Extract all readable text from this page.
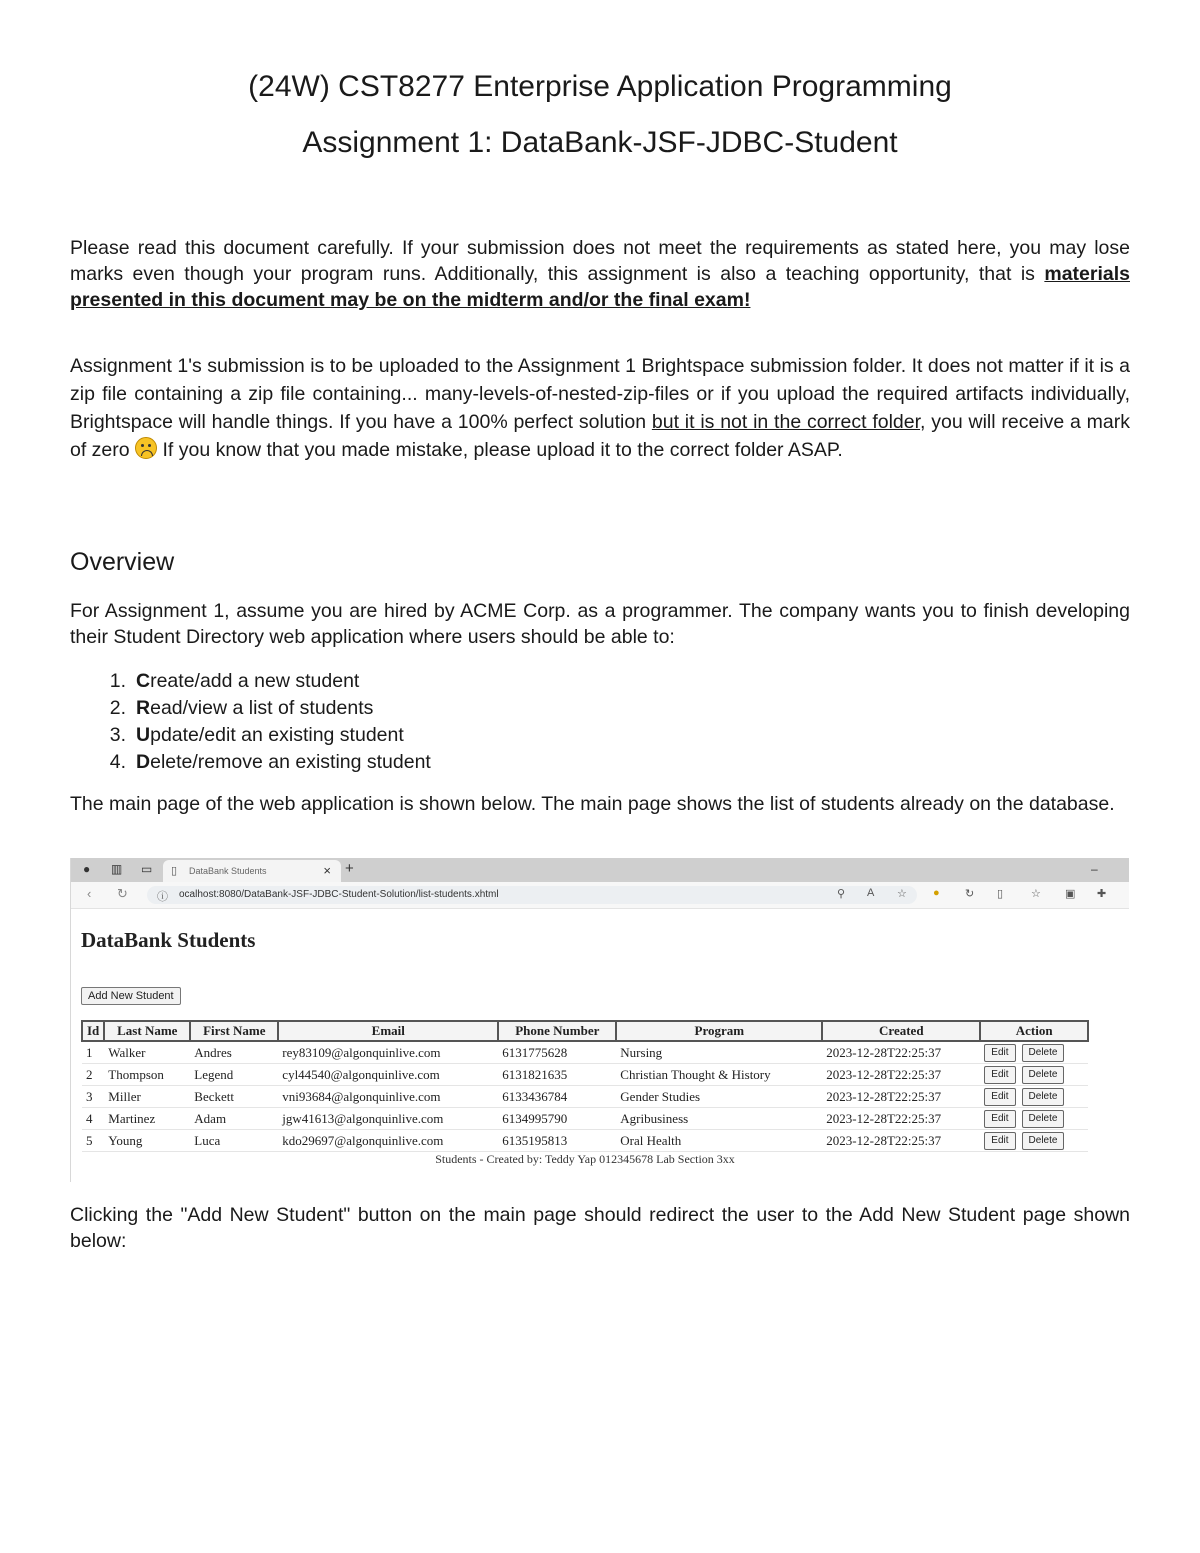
(24W) CST8277 Enterprise Application Programming
Assignment 1: DataBank-JSF-JDBC-Student
Please read this document carefully. If your submission does not meet the requirements as stated here, you may lose marks even though your program runs. Additionally, this assignment is also a teaching opportunity, that is materials presented in this document may be on the midterm and/or the final exam!
Assignment 1's submission is to be uploaded to the Assignment 1 Brightspace submission folder. It does not matter if it is a zip file containing a zip file containing... many-levels-of-nested-zip-files or if you upload the required artifacts individually, Brightspace will handle things. If you have a 100% perfect solution but it is not in the correct folder, you will receive a mark of zero
If you know that you made mistake, please upload it to the correct folder ASAP.
Overview
For Assignment 1, assume you are hired by ACME Corp. as a programmer. The company wants you to finish developing their Student Directory web application where users should be able to:
1. Create/add a new student
2. Read/view a list of students
3. Update/edit an existing student
4. Delete/remove an existing student
The main page of the web application is shown below. The main page shows the list of students already on the database.
Clicking the "Add New Student" button on the main page should redirect the user to the Add New Student page shown below:
● ▥ ▭ ▯ DataBank Students	× +	–
‹ ↻	ⓘ ocalhost:8080/DataBank-JSF-JDBC-Student-Solution/list-students.xhtml	⚲ A ☆ ● ↻ ▯	☆ ▣ ✚
DataBank Students
Add New Student
Id	Last Name	First Name	Email	Phone Number	Program	Created	Action
1	Walker	Andres	rey83109@algonquinlive.com	6131775628	Nursing	2023-12-28T22:25:37	Edit Delete
2	Thompson	Legend	cyl44540@algonquinlive.com	6131821635	Christian Thought & History	2023-12-28T22:25:37	Edit Delete
3	Miller	Beckett	vni93684@algonquinlive.com	6133436784	Gender Studies	2023-12-28T22:25:37	Edit Delete
4	Martinez	Adam	jgw41613@algonquinlive.com	6134995790	Agribusiness	2023-12-28T22:25:37	Edit Delete
5	Young	Luca	kdo29697@algonquinlive.com	6135195813	Oral Health	2023-12-28T22:25:37	Edit Delete
Students - Created by: Teddy Yap 012345678 Lab Section 3xx
